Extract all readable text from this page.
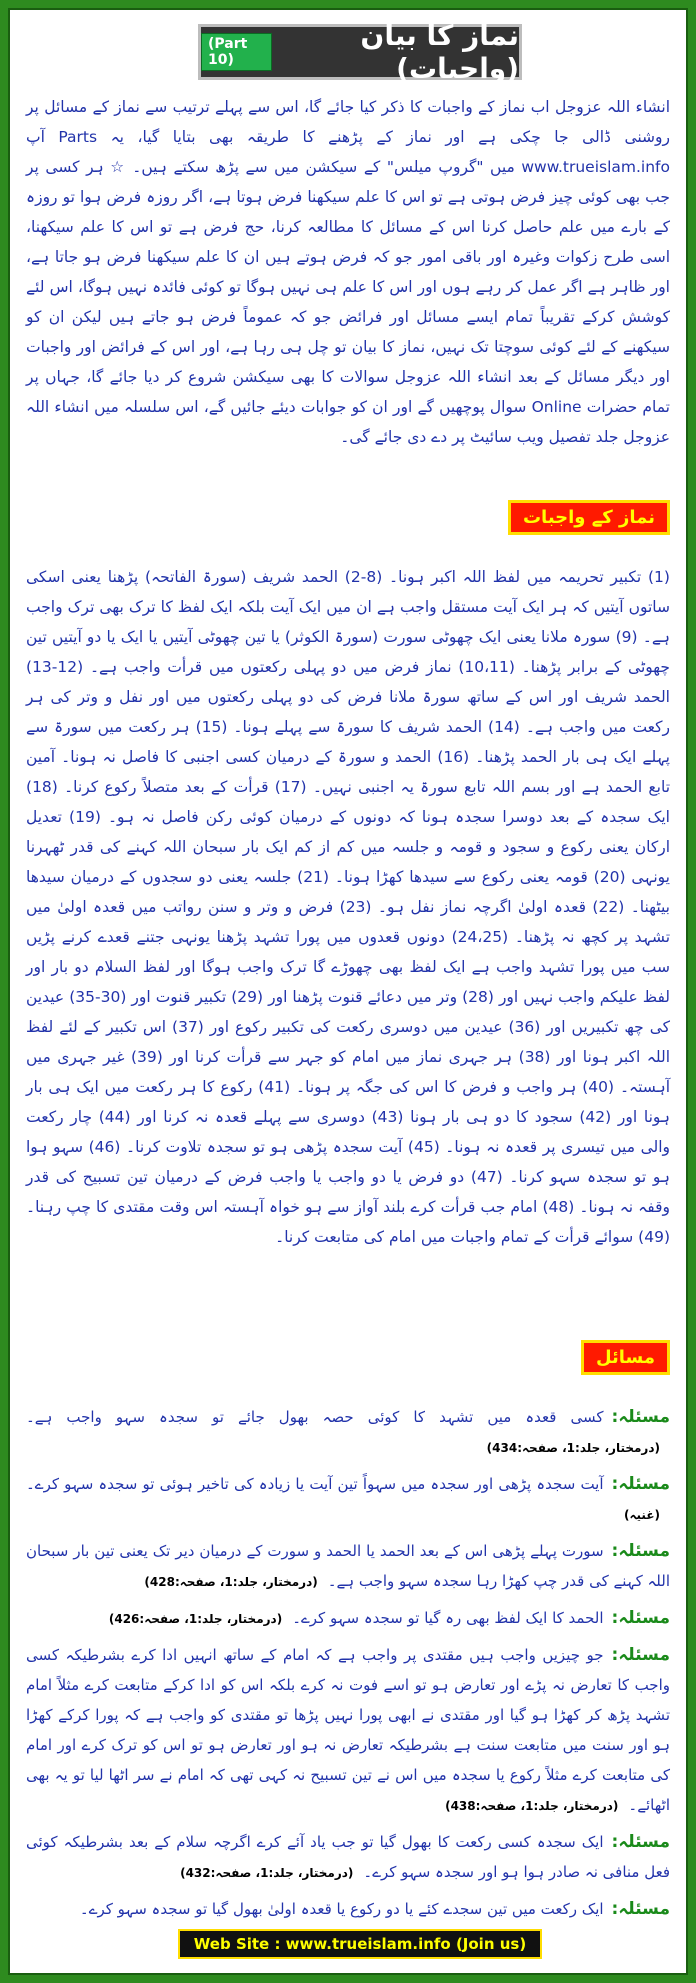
نماز کا بیان (واجبات)
(Part 10)

انشاء اللہ عزوجل اب نماز کے واجبات کا ذکر کیا جائے گا، اس سے پہلے ترتیب سے نماز کے مسائل پر روشنی ڈالی جا چکی ہے اور نماز کے پڑھنے کا طریقہ بھی بتایا گیا، یہ Parts آپ www.trueislam.info میں "گروپ میلس" کے سیکشن میں سے پڑھ سکتے ہیں۔ ☆ ہر کسی پر جب بھی کوئی چیز فرض ہوتی ہے تو اس کا علم سیکھنا فرض ہوتا ہے، اگر روزہ فرض ہوا تو روزہ کے بارے میں علم حاصل کرنا اس کے مسائل کا مطالعہ کرنا، حج فرض ہے تو اس کا علم سیکھنا، اسی طرح زکوات وغیرہ اور باقی امور جو کہ فرض ہوتے ہیں ان کا علم سیکھنا فرض ہو جاتا ہے، اور ظاہر ہے اگر عمل کر رہے ہوں اور اس کا علم ہی نہیں ہوگا تو کوئی فائدہ نہیں ہوگا، اس لئے کوشش کرکے تقریباً تمام ایسے مسائل اور فرائض جو کہ عموماً فرض ہو جاتے ہیں لیکن ان کو سیکھنے کے لئے کوئی سوچتا تک نہیں، نماز کا بیان تو چل ہی رہا ہے، اور اس کے فرائض اور واجبات اور دیگر مسائل کے بعد انشاء اللہ عزوجل سوالات کا بھی سیکشن شروع کر دیا جائے گا، جہاں پر تمام حضرات Online سوال پوچھیں گے اور ان کو جوابات دیئے جائیں گے، اس سلسلہ میں انشاء اللہ عزوجل جلد تفصیل ویب سائیٹ پر دے دی جائے گی۔

نماز کے واجبات

(1) تکبیر تحریمہ میں لفظ اللہ اکبر ہونا۔ (8-2) الحمد شریف (سورۃ الفاتحہ) پڑھنا یعنی اسکی ساتوں آیتیں کہ ہر ایک آیت مستقل واجب ہے ان میں ایک آیت بلکہ ایک لفظ کا ترک بھی ترک واجب ہے۔ (9) سورہ ملانا یعنی ایک چھوٹی سورت (سورۃ الکوثر) یا تین چھوٹی آیتیں یا ایک یا دو آیتیں تین چھوٹی کے برابر پڑھنا۔ (10،11) نماز فرض میں دو پہلی رکعتوں میں قرأت واجب ہے۔ (12-13) الحمد شریف اور اس کے ساتھ سورۃ ملانا فرض کی دو پہلی رکعتوں میں اور نفل و وتر کی ہر رکعت میں واجب ہے۔ (14) الحمد شریف کا سورۃ سے پہلے ہونا۔ (15) ہر رکعت میں سورۃ سے پہلے ایک ہی بار الحمد پڑھنا۔ (16) الحمد و سورۃ کے درمیان کسی اجنبی کا فاصل نہ ہونا۔ آمین تابع الحمد ہے اور بسم اللہ تابع سورۃ یہ اجنبی نہیں۔ (17) قرأت کے بعد متصلاً رکوع کرنا۔ (18) ایک سجدہ کے بعد دوسرا سجدہ ہونا کہ دونوں کے درمیان کوئی رکن فاصل نہ ہو۔ (19) تعدیل ارکان یعنی رکوع و سجود و قومہ و جلسہ میں کم از کم ایک بار سبحان اللہ کہنے کی قدر ٹھہرنا یونہی (20) قومہ یعنی رکوع سے سیدھا کھڑا ہونا۔ (21) جلسہ یعنی دو سجدوں کے درمیان سیدھا بیٹھنا۔ (22) قعدہ اولیٰ اگرچہ نماز نفل ہو۔ (23) فرض و وتر و سنن رواتب میں قعدہ اولیٰ میں تشہد پر کچھ نہ پڑھنا۔ (24،25) دونوں قعدوں میں پورا تشہد پڑھنا یونہی جتنے قعدے کرنے پڑیں سب میں پورا تشہد واجب ہے ایک لفظ بھی چھوڑے گا ترک واجب ہوگا اور لفظ السلام دو بار اور لفظ علیکم واجب نہیں اور (28) وتر میں دعائے قنوت پڑھنا اور (29) تکبیر قنوت اور (30-35) عیدین کی چھ تکبیریں اور (36) عیدین میں دوسری رکعت کی تکبیر رکوع اور (37) اس تکبیر کے لئے لفظ اللہ اکبر ہونا اور (38) ہر جہری نماز میں امام کو جہر سے قرأت کرنا اور (39) غیر جہری میں آہستہ۔ (40) ہر واجب و فرض کا اس کی جگہ پر ہونا۔ (41) رکوع کا ہر رکعت میں ایک ہی بار ہونا اور (42) سجود کا دو ہی بار ہونا (43) دوسری سے پہلے قعدہ نہ کرنا اور (44) چار رکعت والی میں تیسری پر قعدہ نہ ہونا۔ (45) آیت سجدہ پڑھی ہو تو سجدہ تلاوت کرنا۔ (46) سہو ہوا ہو تو سجدہ سہو کرنا۔ (47) دو فرض یا دو واجب یا واجب فرض کے درمیان تین تسبیح کی قدر وقفہ نہ ہونا۔ (48) امام جب قرأت کرے بلند آواز سے ہو خواہ آہستہ اس وقت مقتدی کا چپ رہنا۔ (49) سوائے قرأت کے تمام واجبات میں امام کی متابعت کرنا۔

مسائل
مسئلہ:کسی قعدہ میں تشہد کا کوئی حصہ بھول جائے تو سجدہ سہو واجب ہے۔(درمختار، جلد:1، صفحہ:434)
مسئلہ:آیت سجدہ پڑھی اور سجدہ میں سہواً تین آیت یا زیادہ کی تاخیر ہوئی تو سجدہ سہو کرے۔(غنیہ)
مسئلہ:سورت پہلے پڑھی اس کے بعد الحمد یا الحمد و سورت کے درمیان دیر تک یعنی تین بار سبحان اللہ کہنے کی قدر چپ کھڑا رہا سجدہ سہو واجب ہے۔(درمختار، جلد:1، صفحہ:428)
مسئلہ:الحمد کا ایک لفظ بھی رہ گیا تو سجدہ سہو کرے۔(درمختار، جلد:1، صفحہ:426)
مسئلہ:جو چیزیں واجب ہیں مقتدی پر واجب ہے کہ امام کے ساتھ انہیں ادا کرے بشرطیکہ کسی واجب کا تعارض نہ پڑے اور تعارض ہو تو اسے فوت نہ کرے بلکہ اس کو ادا کرکے متابعت کرے مثلاً امام تشہد پڑھ کر کھڑا ہو گیا اور مقتدی نے ابھی پورا نہیں پڑھا تو مقتدی کو واجب ہے کہ پورا کرکے کھڑا ہو اور سنت میں متابعت سنت ہے بشرطیکہ تعارض نہ ہو اور تعارض ہو تو اس کو ترک کرے اور امام کی متابعت کرے مثلاً رکوع یا سجدہ میں اس نے تین تسبیح نہ کہی تھی کہ امام نے سر اٹھا لیا تو یہ بھی اٹھائے۔(درمختار، جلد:1، صفحہ:438)
مسئلہ:ایک سجدہ کسی رکعت کا بھول گیا تو جب یاد آئے کرے اگرچہ سلام کے بعد بشرطیکہ کوئی فعل منافی نہ صادر ہوا ہو اور سجدہ سہو کرے۔(درمختار، جلد:1، صفحہ:432)
مسئلہ:ایک رکعت میں تین سجدے کئے یا دو رکوع یا قعدہ اولیٰ بھول گیا تو سجدہ سہو کرے۔
Web Site : www.trueislam.info (Join us)
